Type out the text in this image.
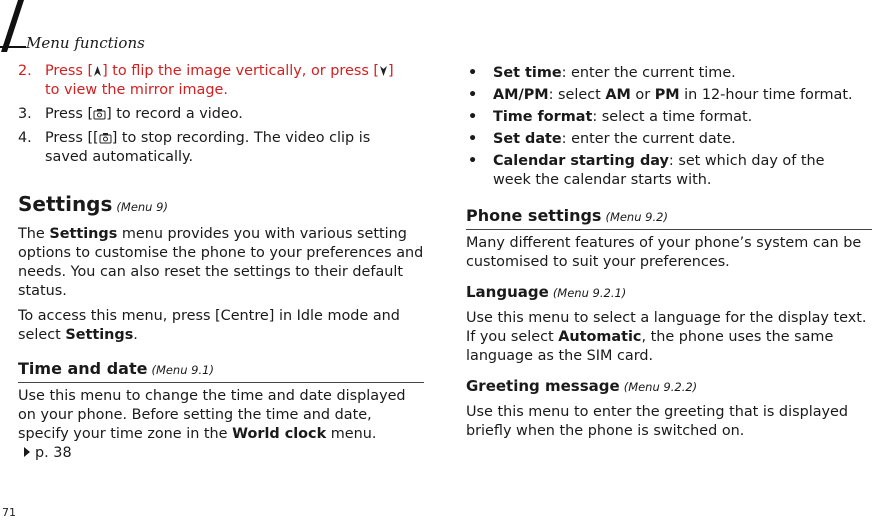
Menu functions
2. Press [ ] to flip the image vertically, or press [ ]
to view the mirror image.
3. Press [ ] to record a video.
4. Press [[ ] to stop recording. The video clip is
saved automatically.
Settings (Menu 9)

The Settings menu provides you with various setting options to customise the phone to your preferences and needs. You can also reset the settings to their default status.

To access this menu, press [Centre] in Idle mode and select Settings.

Time and date (Menu 9.1)

Use this menu to change the time and date displayed on your phone. Before setting the time and date, specify your time zone in the World clock menu.
p. 38

• Set time: enter the current time.
• AM/PM: select AM or PM in 12-hour time format.
• Time format: select a time format.
• Set date: enter the current date.
• Calendar starting day: set which day of the week the calendar starts with.
Phone settings (Menu 9.2)

Many different features of your phone’s system can be customised to suit your preferences.

Language (Menu 9.2.1)

Use this menu to select a language for the display text. If you select Automatic, the phone uses the same language as the SIM card.

Greeting message (Menu 9.2.2)

Use this menu to enter the greeting that is displayed briefly when the phone is switched on.

71
